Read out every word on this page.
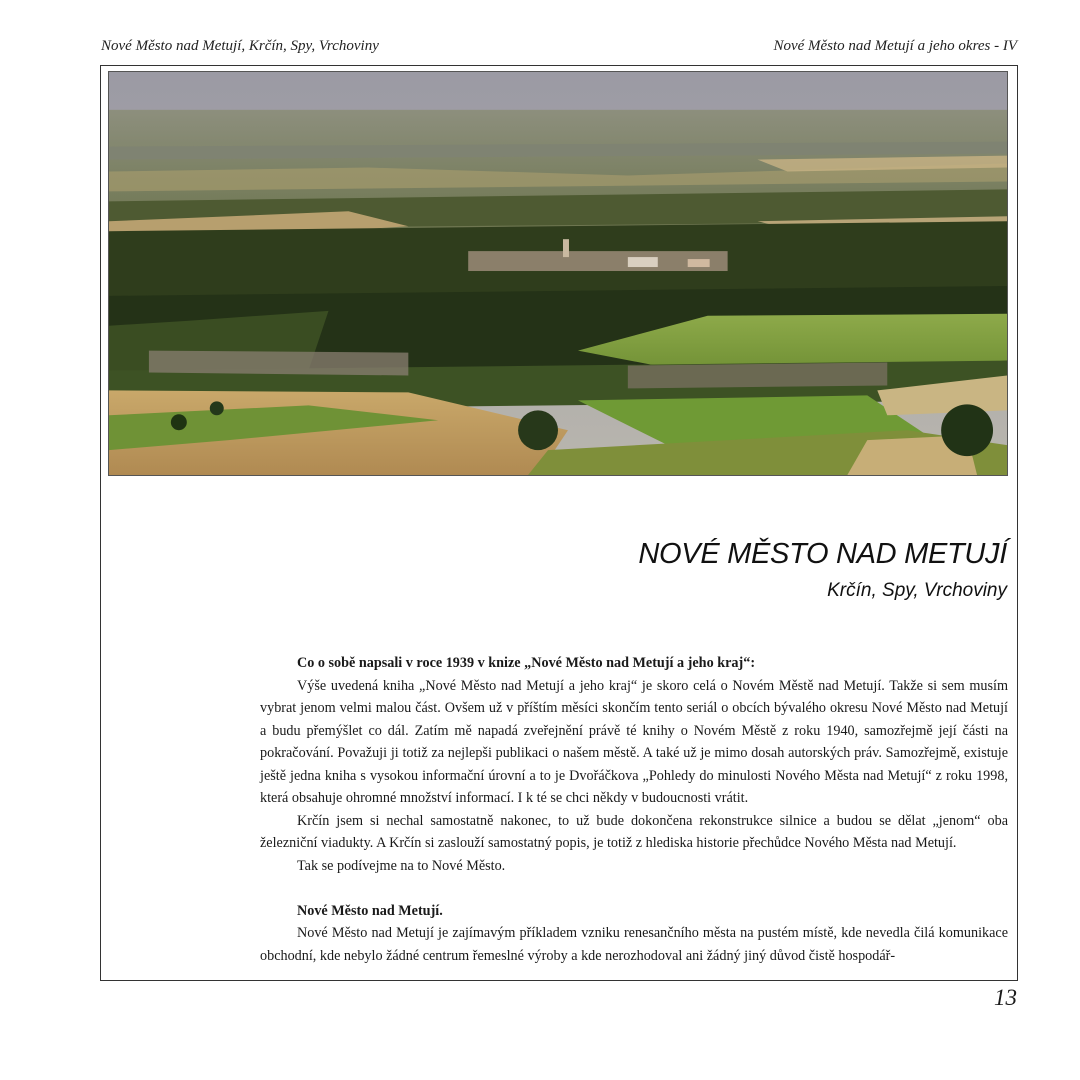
Nové Město nad Metují, Krčín, Spy, Vrchoviny	Nové Město nad Metují a jeho okres - IV
NOVÉ MĚSTO NAD METUJÍ
Krčín, Spy, Vrchoviny

Co o sobě napsali v roce 1939 v knize „Nové Město nad Metují a jeho kraj“:

Výše uvedená kniha „Nové Město nad Metují a jeho kraj“ je skoro celá o Novém Městě nad Metují. Takže si sem musím vybrat jenom velmi malou část. Ovšem už v příštím měsíci skončím tento seriál o obcích bývalého okresu Nové Město nad Metují a budu přemýšlet co dál. Zatím mě napadá zveřejnění právě té knihy o Novém Městě z roku 1940, samozřejmě její části na pokračování. Považuji ji totiž za nejlepši publikaci o našem městě. A také už je mimo dosah autorských práv. Samozřejmě, existuje ještě jedna kniha s vysokou informační úrovní a to je Dvořáčkova „Pohledy do minulosti Nového Města nad Metují“ z roku 1998, která obsahuje ohromné množství informací. I k té se chci někdy v budoucnosti vrátit.

Krčín jsem si nechal samostatně nakonec, to už bude dokončena rekonstrukce silnice a budou se dělat „jenom“ oba železniční viadukty. A Krčín si zaslouží samostatný popis, je totiž z hlediska historie přechůdce Nového Města nad Metují.

Tak se podívejme na to Nové Město.

Nové Město nad Metují.

Nové Město nad Metují je zajímavým příkladem vzniku renesančního města na pustém místě, kde nevedla čilá komunikace obchodní, kde nebylo žádné centrum řemeslné výroby a kde nerozhodoval ani žádný jiný důvod čistě hospodář-

13
